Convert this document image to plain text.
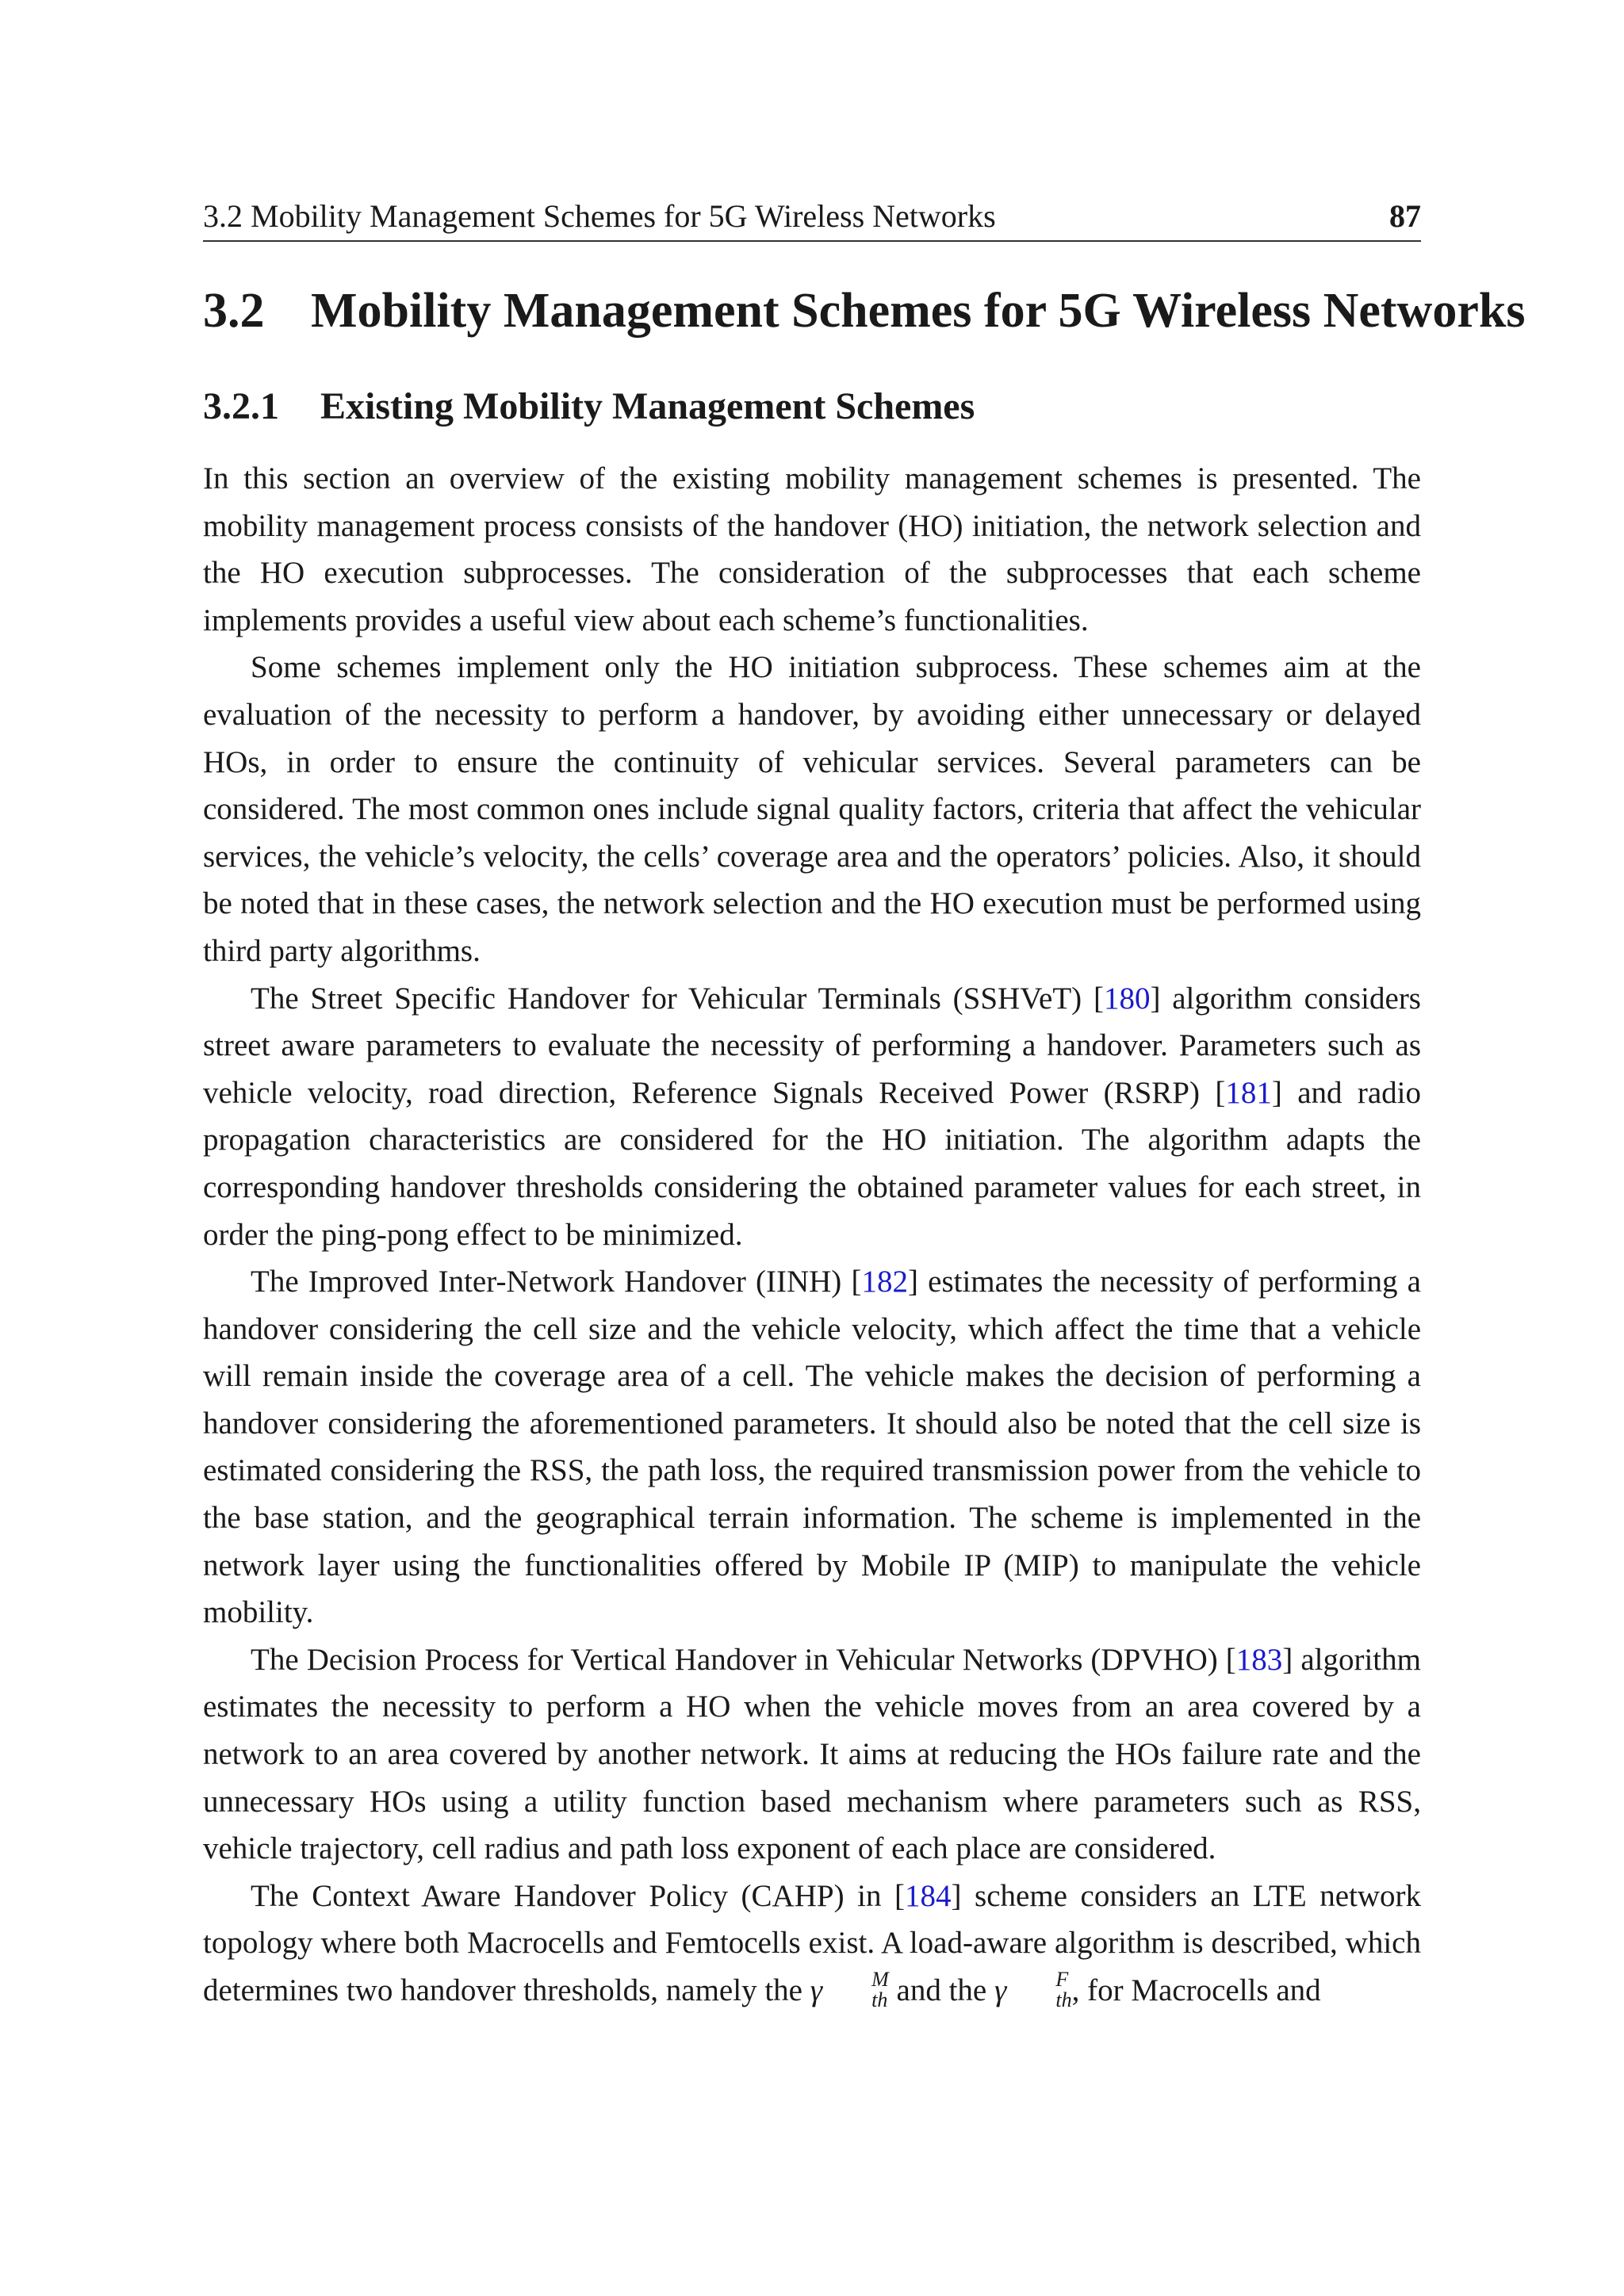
3.2 Mobility Management Schemes for 5G Wireless Networks	87
3.2 Mobility Management Schemes for 5G Wireless Networks
3.2.1 Existing Mobility Management Schemes

In this section an overview of the existing mobility management schemes is presented. The mobility management process consists of the handover (HO) initiation, the network selection and the HO execution subprocesses. The consideration of the subprocesses that each scheme implements provides a useful view about each scheme’s functionalities.

Some schemes implement only the HO initiation subprocess. These schemes aim at the evaluation of the necessity to perform a handover, by avoiding either unnecessary or delayed HOs, in order to ensure the continuity of vehicular services. Several parameters can be considered. The most common ones include signal quality factors, criteria that affect the vehicular services, the vehicle’s velocity, the cells’ coverage area and the operators’ policies. Also, it should be noted that in these cases, the network selection and the HO execution must be performed using third party algorithms.

The Street Specific Handover for Vehicular Terminals (SSHVeT) [180] algorithm considers street aware parameters to evaluate the necessity of performing a handover. Parameters such as vehicle velocity, road direction, Reference Signals Received Power (RSRP) [181] and radio propagation characteristics are considered for the HO initiation. The algorithm adapts the corresponding handover thresholds considering the obtained parameter values for each street, in order the ping-pong effect to be minimized.

The Improved Inter-Network Handover (IINH) [182] estimates the necessity of performing a handover considering the cell size and the vehicle velocity, which affect the time that a vehicle will remain inside the coverage area of a cell. The vehicle makes the decision of performing a handover considering the aforementioned parameters. It should also be noted that the cell size is estimated considering the RSS, the path loss, the required transmission power from the vehicle to the base station, and the geographical terrain information. The scheme is implemented in the network layer using the functionalities offered by Mobile IP (MIP) to manipulate the vehicle mobility.

The Decision Process for Vertical Handover in Vehicular Networks (DPVHO) [183] algorithm estimates the necessity to perform a HO when the vehicle moves from an area covered by a network to an area covered by another network. It aims at reducing the HOs failure rate and the unnecessary HOs using a utility function based mechanism where parameters such as RSS, vehicle trajectory, cell radius and path loss exponent of each place are considered.

The Context Aware Handover Policy (CAHP) in [184] scheme considers an LTE network topology where both Macrocells and Femtocells exist. A load-aware algorithm is described, which determines two handover thresholds, namely the γ	M
th and the γ	F
th , for Macrocells and
